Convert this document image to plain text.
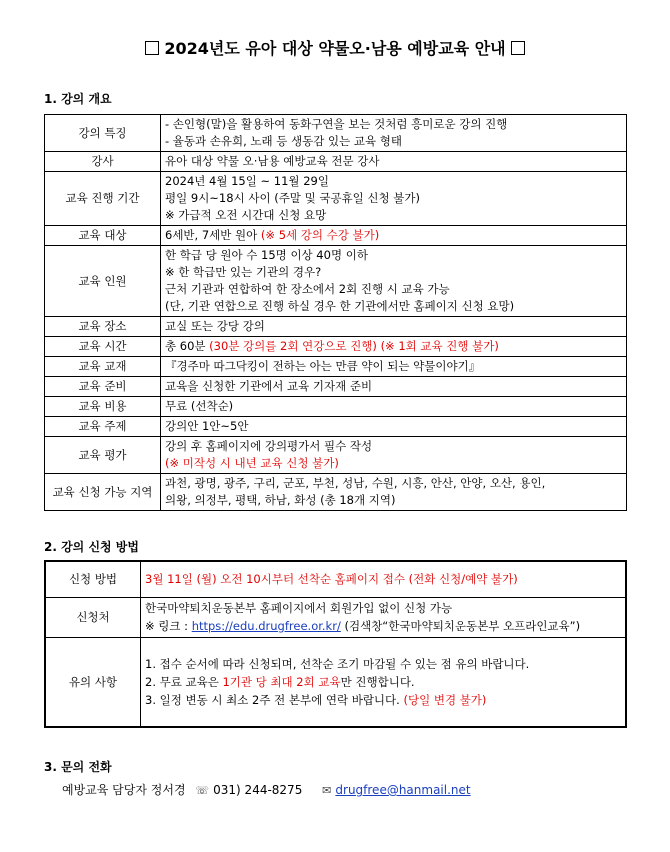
2024년도 유아 대상 약물오·남용 예방교육 안내
1. 강의 개요
강의 특징	- 손인형(말)을 활용하여 동화구연을 보는 것처럼 흥미로운 강의 진행
- 율동과 손유희, 노래 등 생동감 있는 교육 형태

강사	유아 대상 약물 오·남용 예방교육 전문 강사
교육 진행 기간	2024년 4월 15일 ~ 11월 29일
평일 9시~18시 사이 (주말 및 국공휴일 신청 불가)
※ 가급적 오전 시간대 신청 요망

교육 대상	6세반, 7세반 원아 (※ 5세 강의 수강 불가)
교육 인원	한 학급 당 원아 수 15명 이상 40명 이하
※ 한 학급만 있는 기관의 경우?
근처 기관과 연합하여 한 장소에서 2회 진행 시 교육 가능
(단, 기관 연합으로 진행 하실 경우 한 기관에서만 홈페이지 신청 요망)

교육 장소	교실 또는 강당 강의
교육 시간	총 60분 (30분 강의를 2회 연강으로 진행) (※ 1회 교육 진행 불가)
교육 교재	『경주마 따그닥킹이 전하는 아는 만큼 약이 되는 약물이야기』
교육 준비	교육을 신청한 기관에서 교육 기자재 준비
교육 비용	무료 (선착순)
교육 주제	강의안 1안~5안
교육 평가	강의 후 홈페이지에 강의평가서 필수 작성
(※ 미작성 시 내년 교육 신청 불가)

교육 신청 가능 지역	과천, 광명, 광주, 구리, 군포, 부천, 성남, 수원, 시흥, 안산, 안양, 오산, 용인,
의왕, 의정부, 평택, 하남, 화성 (총 18개 지역)
2. 강의 신청 방법
신청 방법	3월 11일 (월) 오전 10시부터 선착순 홈페이지 접수 (전화 신청/예약 불가)
신청처	한국마약퇴치운동본부 홈페이지에서 회원가입 없이 신청 가능
※ 링크 : https://edu.drugfree.or.kr/ (검색창“한국마약퇴치운동본부 오프라인교육”)

유의 사항	1. 접수 순서에 따라 신청되며, 선착순 조기 마감될 수 있는 점 유의 바랍니다.
2. 무료 교육은 1기관 당 최대 2회 교육만 진행합니다.
3. 일정 변동 시 최소 2주 전 본부에 연락 바랍니다. (당일 변경 불가)
3. 문의 전화
예방교육 담당자 정서경 ☏ 031) 244-8275 ✉ drugfree@hanmail.net
